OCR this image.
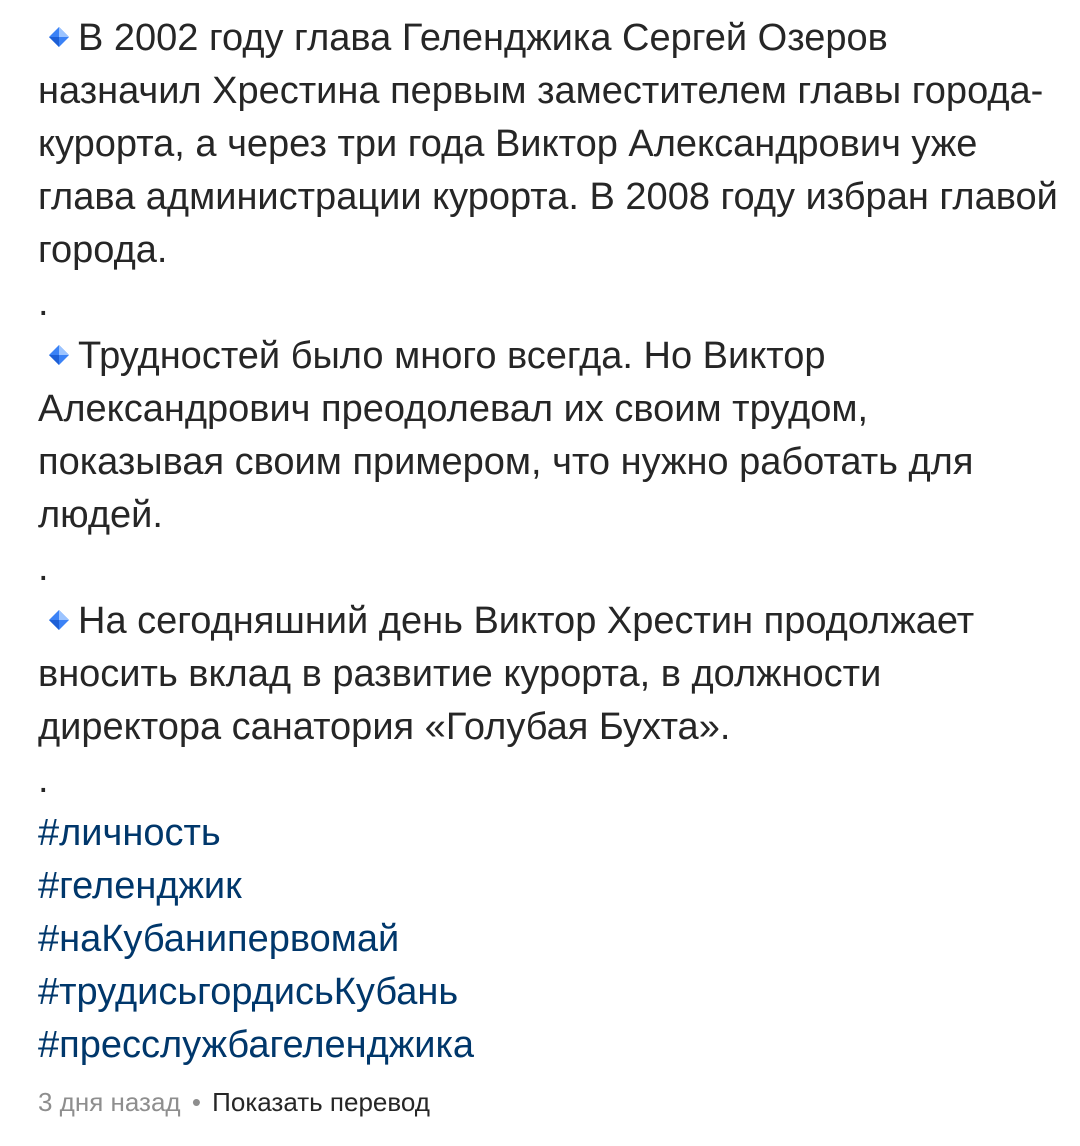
В 2002 году глава Геленджика Сергей Озеров назначил Хрестина первым заместителем главы города-курорта, а через три года Виктор Александрович уже глава администрации курорта. В 2008 году избран главой города.

.

Трудностей было много всегда. Но Виктор Александрович преодолевал их своим трудом, показывая своим примером, что нужно работать для людей.

.

На сегодняшний день Виктор Хрестин продолжает вносить вклад в развитие курорта, в должности директора санатория «Голубая Бухта».

.
#личность
#геленджик
#наКубанипервомай
#трудисьгордисьКубань
#пресслужбагеленджика
3 дня назад • Показать перевод
